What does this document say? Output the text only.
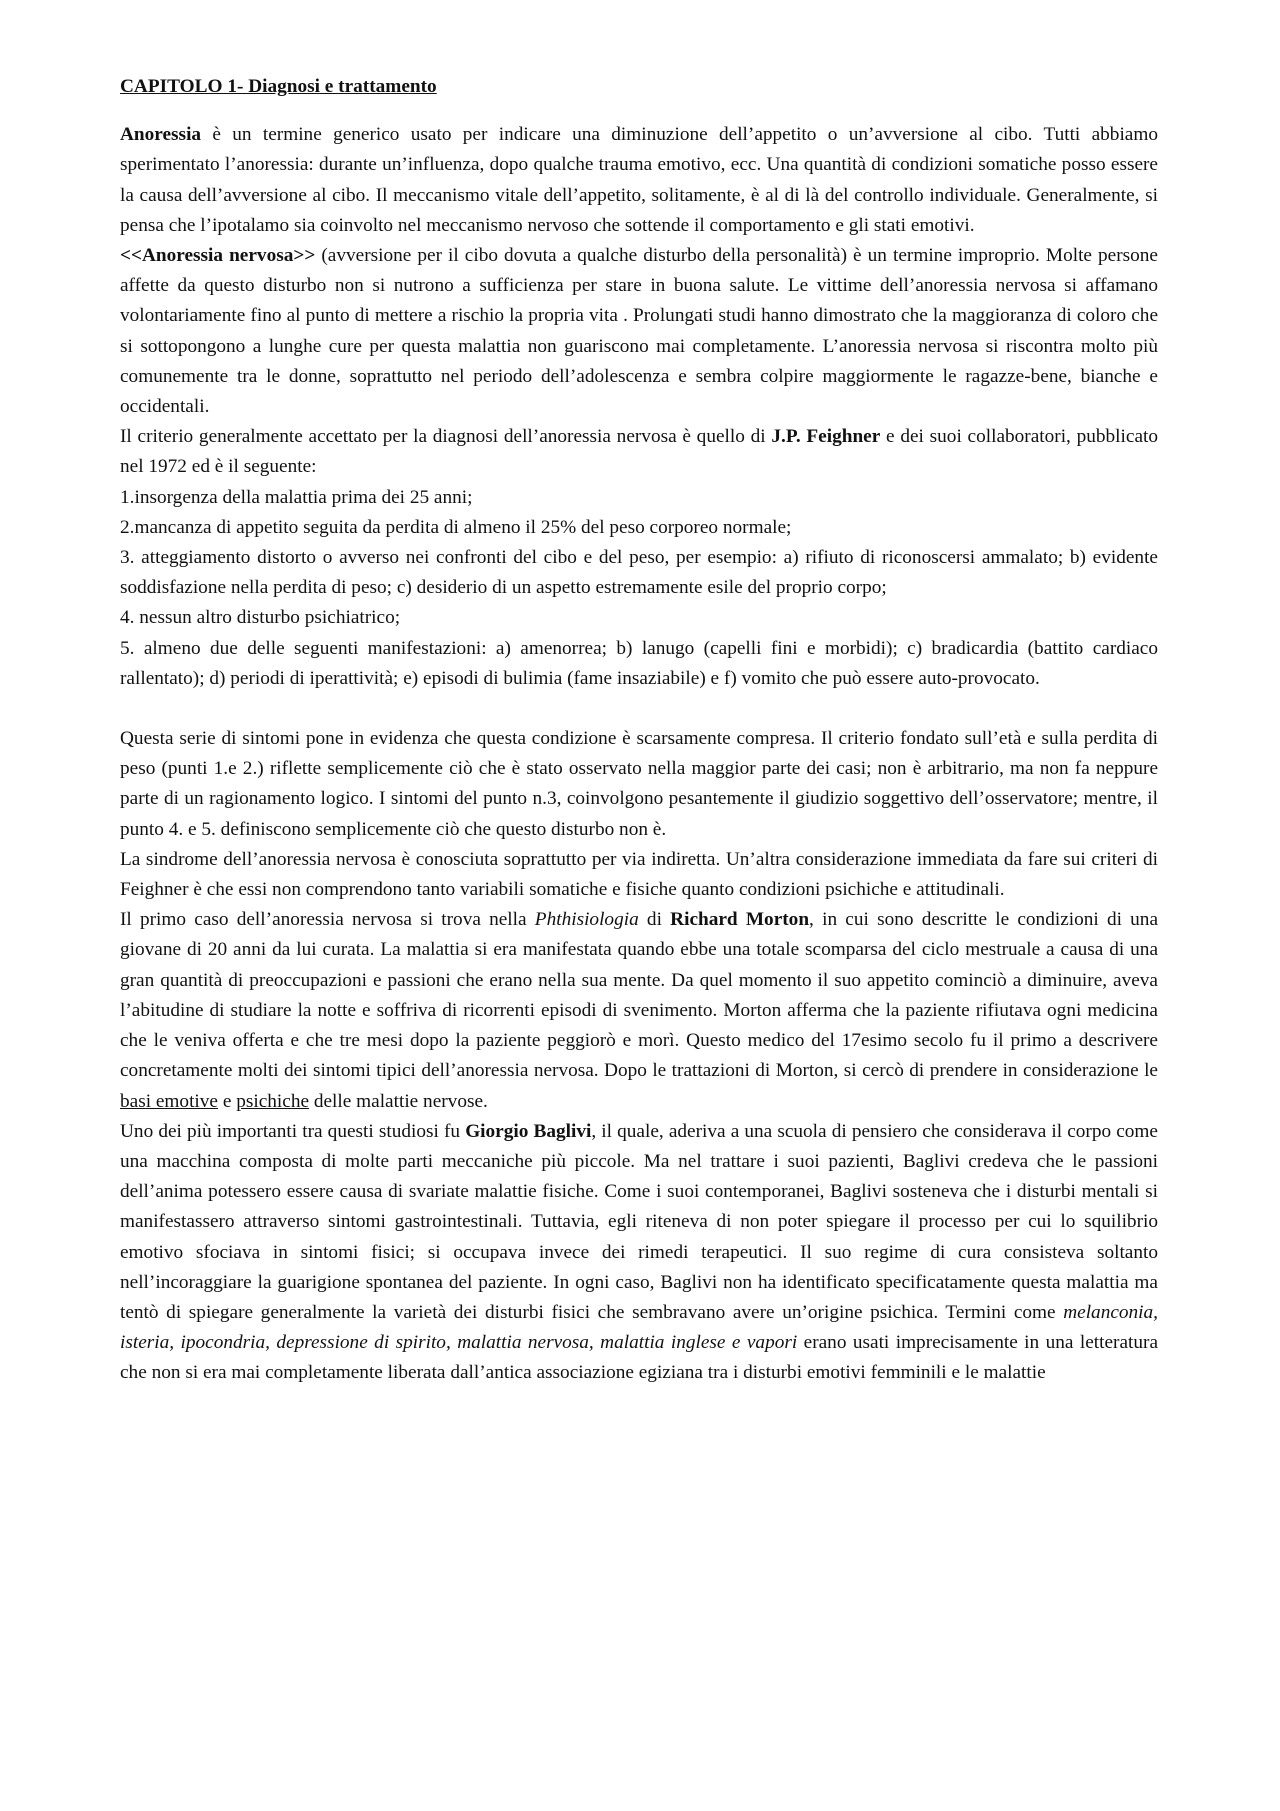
CAPITOLO 1- Diagnosi e trattamento

Anoressia è un termine generico usato per indicare una diminuzione dell’appetito o un’avversione al cibo. Tutti abbiamo sperimentato l’anoressia: durante un’influenza, dopo qualche trauma emotivo, ecc. Una quantità di condizioni somatiche posso essere la causa dell’avversione al cibo. Il meccanismo vitale dell’appetito, solitamente, è al di là del controllo individuale. Generalmente, si pensa che l’ipotalamo sia coinvolto nel meccanismo nervoso che sottende il comportamento e gli stati emotivi.

<<Anoressia nervosa>> (avversione per il cibo dovuta a qualche disturbo della personalità) è un termine improprio. Molte persone affette da questo disturbo non si nutrono a sufficienza per stare in buona salute. Le vittime dell’anoressia nervosa si affamano volontariamente fino al punto di mettere a rischio la propria vita . Prolungati studi hanno dimostrato che la maggioranza di coloro che si sottopongono a lunghe cure per questa malattia non guariscono mai completamente. L’anoressia nervosa si riscontra molto più comunemente tra le donne, soprattutto nel periodo dell’adolescenza e sembra colpire maggiormente le ragazze-bene, bianche e occidentali.

Il criterio generalmente accettato per la diagnosi dell’anoressia nervosa è quello di J.P. Feighner e dei suoi collaboratori, pubblicato nel 1972 ed è il seguente:

1.insorgenza della malattia prima dei 25 anni;

2.mancanza di appetito seguita da perdita di almeno il 25% del peso corporeo normale;

3. atteggiamento distorto o avverso nei confronti del cibo e del peso, per esempio: a) rifiuto di riconoscersi ammalato; b) evidente soddisfazione nella perdita di peso; c) desiderio di un aspetto estremamente esile del proprio corpo;

4. nessun altro disturbo psichiatrico;

5. almeno due delle seguenti manifestazioni: a) amenorrea; b) lanugo (capelli fini e morbidi); c) bradicardia (battito cardiaco rallentato); d) periodi di iperattività; e) episodi di bulimia (fame insaziabile) e f) vomito che può essere auto-provocato.

Questa serie di sintomi pone in evidenza che questa condizione è scarsamente compresa. Il criterio fondato sull’età e sulla perdita di peso (punti 1.e 2.) riflette semplicemente ciò che è stato osservato nella maggior parte dei casi; non è arbitrario, ma non fa neppure parte di un ragionamento logico. I sintomi del punto n.3, coinvolgono pesantemente il giudizio soggettivo dell’osservatore; mentre, il punto 4. e 5. definiscono semplicemente ciò che questo disturbo non è.

La sindrome dell’anoressia nervosa è conosciuta soprattutto per via indiretta. Un’altra considerazione immediata da fare sui criteri di Feighner è che essi non comprendono tanto variabili somatiche e fisiche quanto condizioni psichiche e attitudinali.

Il primo caso dell’anoressia nervosa si trova nella Phthisiologia di Richard Morton, in cui sono descritte le condizioni di una giovane di 20 anni da lui curata. La malattia si era manifestata quando ebbe una totale scomparsa del ciclo mestruale a causa di una gran quantità di preoccupazioni e passioni che erano nella sua mente. Da quel momento il suo appetito cominciò a diminuire, aveva l’abitudine di studiare la notte e soffriva di ricorrenti episodi di svenimento. Morton afferma che la paziente rifiutava ogni medicina che le veniva offerta e che tre mesi dopo la paziente peggiorò e morì. Questo medico del 17esimo secolo fu il primo a descrivere concretamente molti dei sintomi tipici dell’anoressia nervosa. Dopo le trattazioni di Morton, si cercò di prendere in considerazione le basi emotive e psichiche delle malattie nervose.

Uno dei più importanti tra questi studiosi fu Giorgio Baglivi, il quale, aderiva a una scuola di pensiero che considerava il corpo come una macchina composta di molte parti meccaniche più piccole. Ma nel trattare i suoi pazienti, Baglivi credeva che le passioni dell’anima potessero essere causa di svariate malattie fisiche. Come i suoi contemporanei, Baglivi sosteneva che i disturbi mentali si manifestassero attraverso sintomi gastrointestinali. Tuttavia, egli riteneva di non poter spiegare il processo per cui lo squilibrio emotivo sfociava in sintomi fisici; si occupava invece dei rimedi terapeutici. Il suo regime di cura consisteva soltanto nell’incoraggiare la guarigione spontanea del paziente. In ogni caso, Baglivi non ha identificato specificatamente questa malattia ma tentò di spiegare generalmente la varietà dei disturbi fisici che sembravano avere un’origine psichica. Termini come melanconia, isteria, ipocondria, depressione di spirito, malattia nervosa, malattia inglese e vapori erano usati imprecisamente in una letteratura che non si era mai completamente liberata dall’antica associazione egiziana tra i disturbi emotivi femminili e le malattie
